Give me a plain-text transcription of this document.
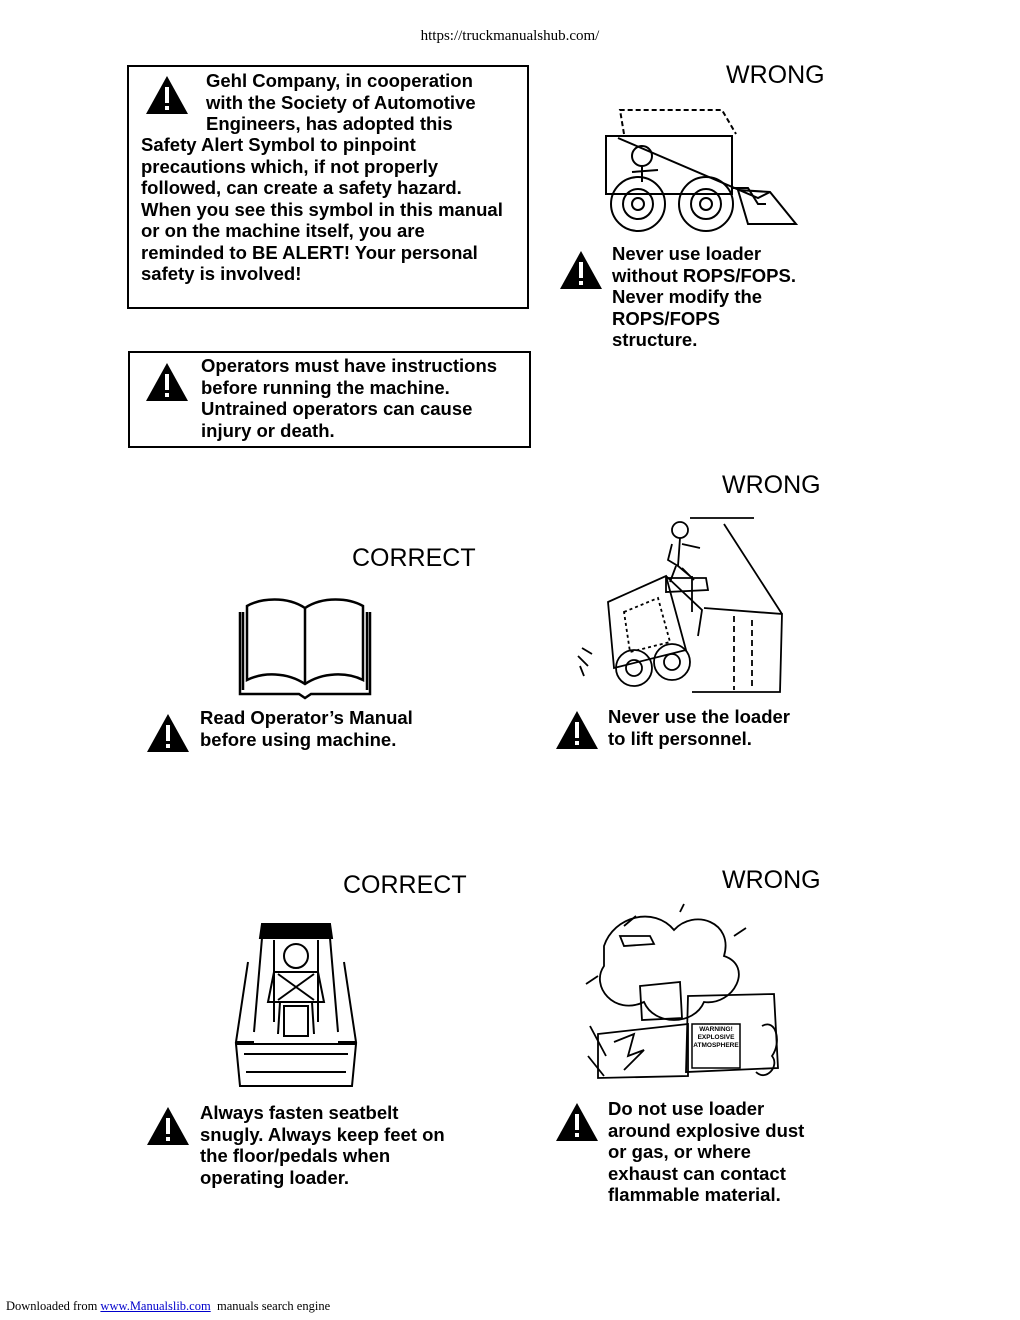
https://truckmanualshub.com/
Gehl Company, in cooperation
with the Society of Automotive
Engineers, has adopted this
Safety Alert Symbol to pinpoint
precautions which, if not properly
followed, can create a safety hazard.
When you see this symbol in this manual
or on the machine itself, you are
reminded to BE ALERT! Your personal
safety is involved!
Operators must have instructions
before running the machine.
Untrained operators can cause
injury or death.
WRONG
Never use loader
without ROPS/FOPS.
Never modify the
ROPS/FOPS
structure.
CORRECT
Read Operator’s Manual
before using machine.
WRONG
Never use the loader
to lift personnel.
CORRECT
Always fasten seatbelt
snugly. Always keep feet on
the floor/pedals when
operating loader.
WRONG
WARNING! EXPLOSIVE ATMOSPHERE
Do not use loader
around explosive dust
or gas, or where
exhaust can contact
flammable material.
Downloaded from www.Manualslib.com  manuals search engine
